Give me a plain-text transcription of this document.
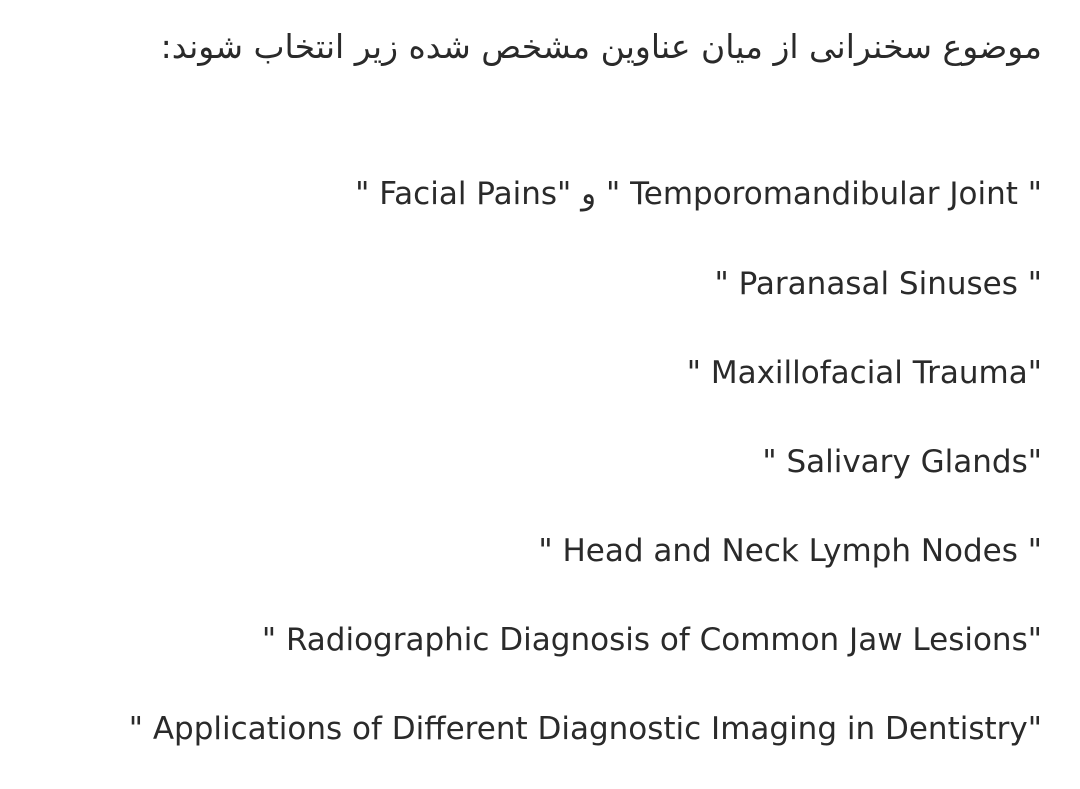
موضوع سخنرانی از میان عناوین مشخص شده زیر انتخاب شوند:

" Facial Pains" و " Temporomandibular Joint "
" Paranasal Sinuses "
" Maxillofacial Trauma"
" Salivary Glands"
" Head and Neck Lymph Nodes "
" Radiographic Diagnosis of Common Jaw Lesions"
" Applications of Different Diagnostic Imaging in Dentistry"
